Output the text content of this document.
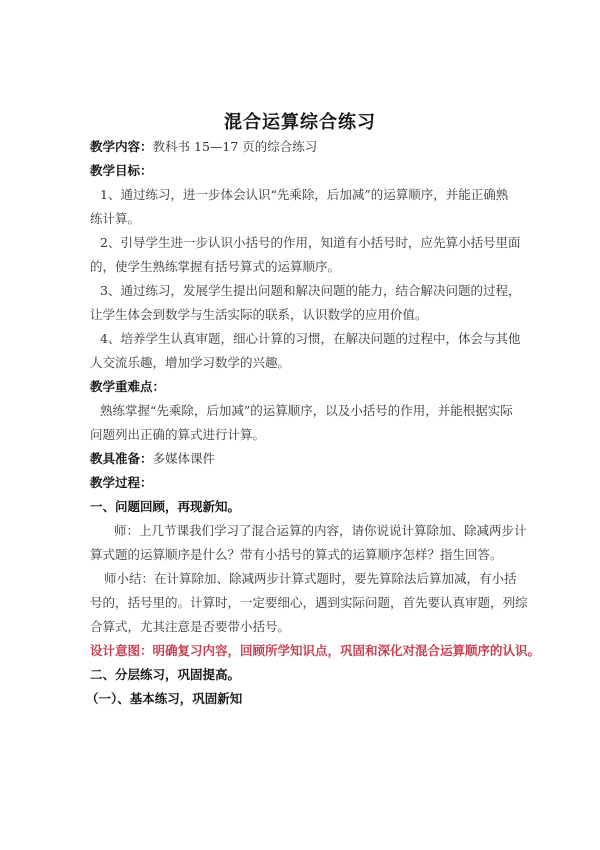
混合运算综合练习
教学内容：教科书 15—17 页的综合练习
教学目标：
1、通过练习，进一步体会认识“先乘除，后加减”的运算顺序，并能正确熟
练计算。
2、引导学生进一步认识小括号的作用，知道有小括号时，应先算小括号里面
的，使学生熟练掌握有括号算式的运算顺序。
3、通过练习，发展学生提出问题和解决问题的能力，结合解决问题的过程，
让学生体会到数学与生活实际的联系，认识数学的应用价值。
4、培养学生认真审题，细心计算的习惯，在解决问题的过程中，体会与其他
人交流乐趣，增加学习数学的兴趣。
教学重难点：
熟练掌握“先乘除，后加减”的运算顺序，以及小括号的作用，并能根据实际
问题列出正确的算式进行计算。
教具准备：多媒体课件
教学过程：
一、问题回顾，再现新知。
师：上几节课我们学习了混合运算的内容，请你说说计算除加、除减两步计
算式题的运算顺序是什么？带有小括号的算式的运算顺序怎样？指生回答。
师小结：在计算除加、除减两步计算式题时，要先算除法后算加减，有小括
号的，括号里的。计算时，一定要细心，遇到实际问题，首先要认真审题，列综
合算式，尤其注意是否要带小括号。
设计意图：明确复习内容，回顾所学知识点，巩固和深化对混合运算顺序的认识。
二、分层练习，巩固提高。
（一）、基本练习，巩固新知
